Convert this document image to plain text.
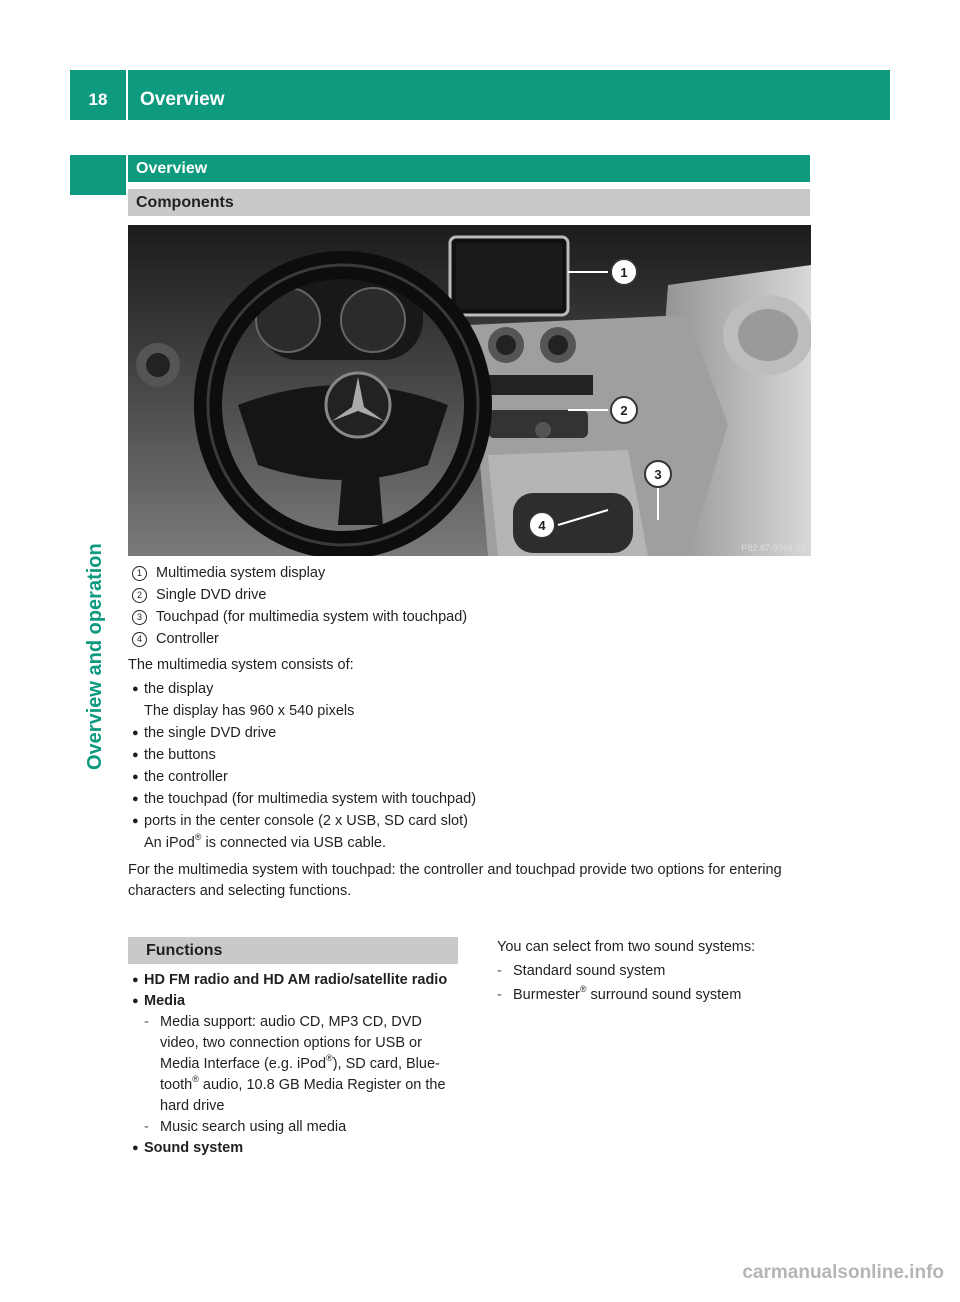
18	Overview
Overview and operation
Overview
Components
1
2
3
4
P82.87-9764-31
1 Multimedia system display
2 Single DVD drive
3 Touchpad (for multimedia system with touchpad)
4 Controller
The multimedia system consists of:
● the display
The display has 960 x 540 pixels
● the single DVD drive
● the buttons
● the controller
● the touchpad (for multimedia system with touchpad)
● ports in the center console (2 x USB, SD card slot)
An iPod® is connected via USB cable.
For the multimedia system with touchpad: the controller and touchpad provide two options for entering characters and selecting functions.
Functions
● HD FM radio and HD AM radio/satellite radio
● Media
- Media support: audio CD, MP3 CD, DVD video, two connection options for USB or Media Interface (e.g. iPod®), SD card, Blue-tooth® audio, 10.8 GB Media Register on the hard drive
- Music search using all media
● Sound system
You can select from two sound systems:
- Standard sound system
- Burmester® surround sound system
carmanualsonline.info
